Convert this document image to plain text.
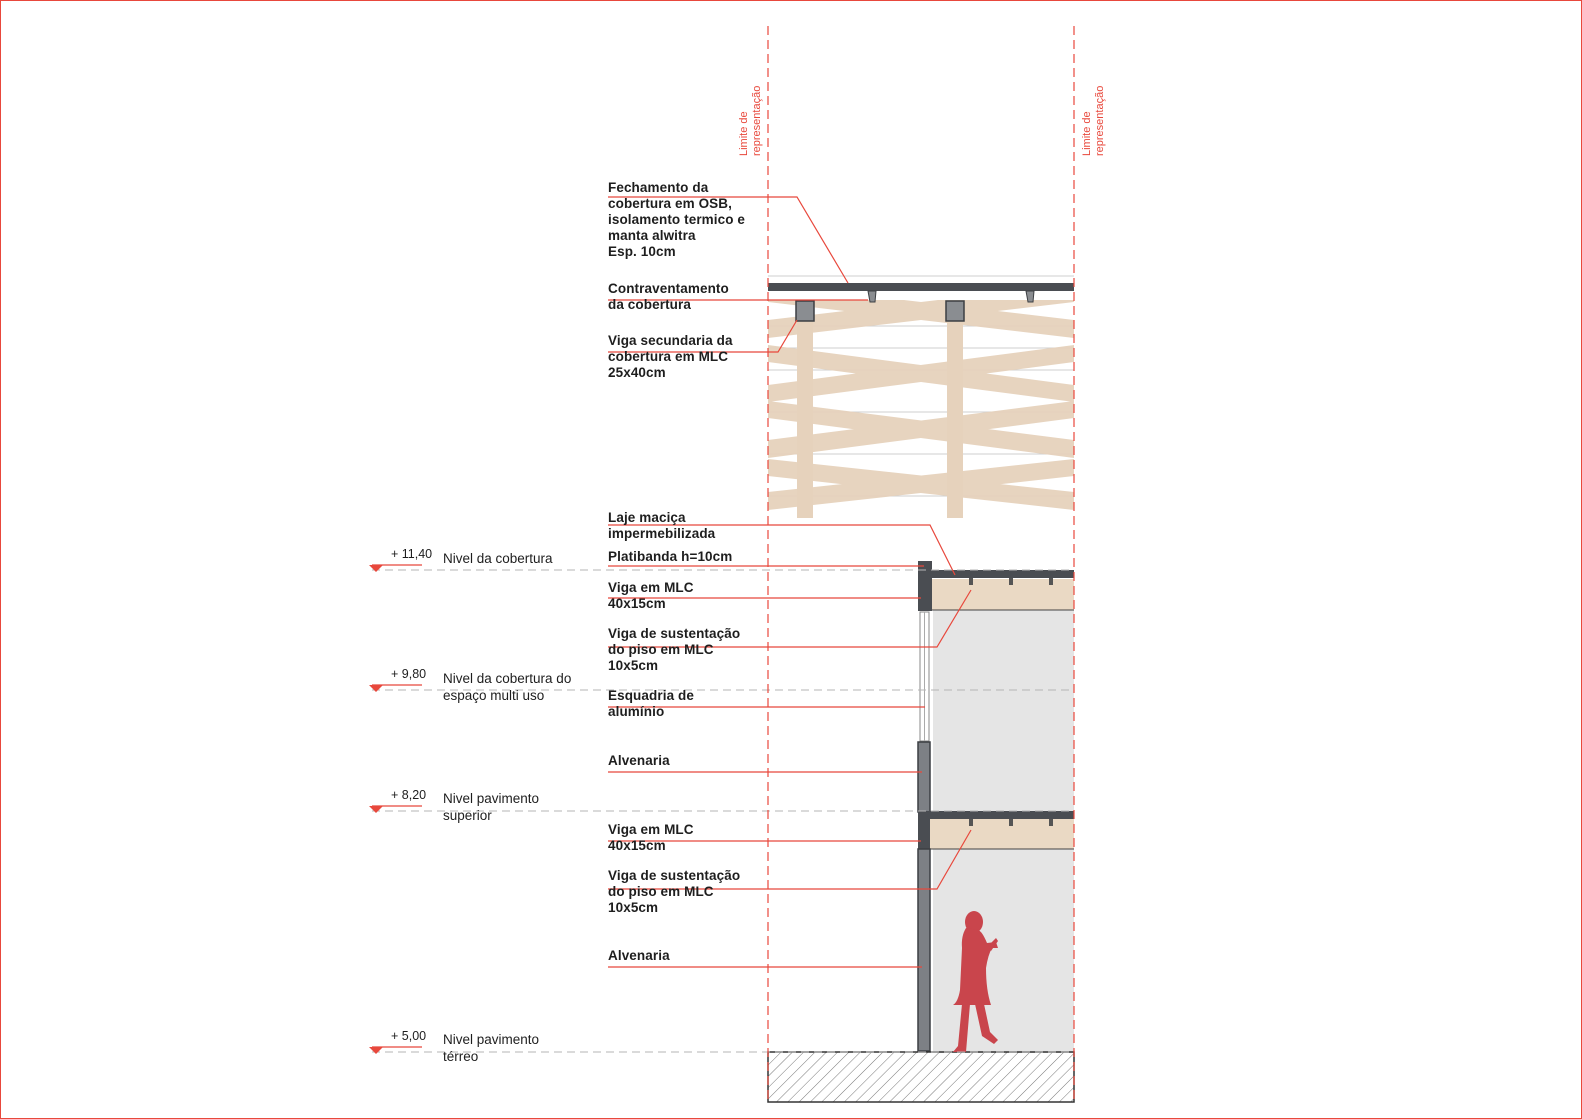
Limite de representação	Limite de representação
Fechamento da
cobertura em OSB,
isolamento termico e
manta alwitra
Esp. 10cm
Contraventamento
da cobertura
Viga secundaria da
cobertura em MLC
25x40cm
Laje maciça
impermebilizada
Platibanda h=10cm
Viga em MLC
40x15cm
Viga de sustentação
do piso em MLC
10x5cm
Esquadria de
alumínio
Alvenaria
Viga em MLC
40x15cm
Viga de sustentação
do piso em MLC
10x5cm
Alvenaria
+ 11,40 Nivel da cobertura
+ 9,80 Nivel da cobertura do
espaço multi uso
+ 8,20 Nivel pavimento
superior
+ 5,00 Nivel pavimento
térreo
